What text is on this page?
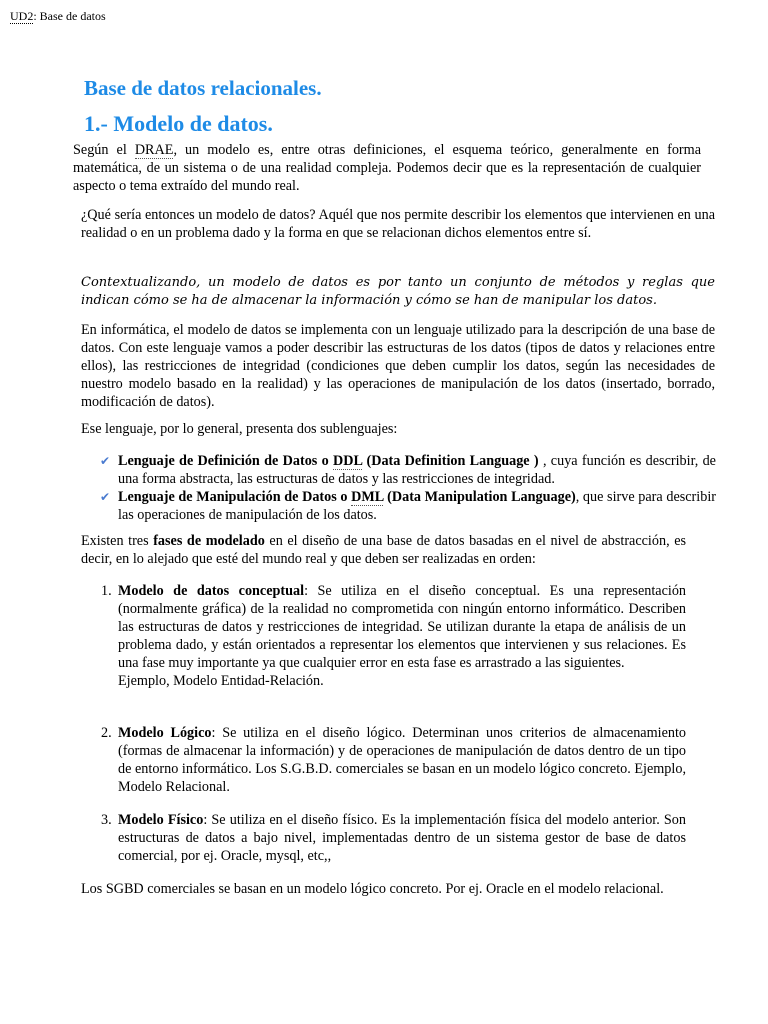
UD2: Base de datos
Base de datos relacionales.
1.- Modelo de datos.

Según el DRAE, un modelo es, entre otras definiciones, el esquema teórico, generalmente en forma matemática, de un sistema o de una realidad compleja. Podemos decir que es la representación de cualquier aspecto o tema extraído del mundo real.

¿Qué sería entonces un modelo de datos? Aquél que nos permite describir los elementos que intervienen en una realidad o en un problema dado y la forma en que se relacionan dichos elementos entre sí.

Contextualizando, un modelo de datos es por tanto un conjunto de métodos y reglas que indican cómo se ha de almacenar la información y cómo se han de manipular los datos.

En informática, el modelo de datos se implementa con un lenguaje utilizado para la descripción de una base de datos. Con este lenguaje vamos a poder describir las estructuras de los datos (tipos de datos y relaciones entre ellos), las restricciones de integridad (condiciones que deben cumplir los datos, según las necesidades de nuestro modelo basado en la realidad) y las operaciones de manipulación de los datos (insertado, borrado, modificación de datos).

Ese lenguaje, por lo general, presenta dos sublenguajes:

✔ Lenguaje de Definición de Datos o DDL (Data Definition Language ) , cuya función es describir, de una forma abstracta, las estructuras de datos y las restricciones de integridad.
✔ Lenguaje de Manipulación de Datos o DML (Data Manipulation Language), que sirve para describir las operaciones de manipulación de los datos.

Existen tres fases de modelado en el diseño de una base de datos basadas en el nivel de abstracción, es decir, en lo alejado que esté del mundo real y que deben ser realizadas en orden:

1. Modelo de datos conceptual: Se utiliza en el diseño conceptual. Es una representación (normalmente gráfica) de la realidad no comprometida con ningún entorno informático. Describen las estructuras de datos y restricciones de integridad. Se utilizan durante la etapa de análisis de un problema dado, y están orientados a representar los elementos que intervienen y sus relaciones. Es una fase muy importante ya que cualquier error en esta fase es arrastrado a las siguientes.
Ejemplo, Modelo Entidad-Relación.
2. Modelo Lógico: Se utiliza en el diseño lógico. Determinan unos criterios de almacenamiento (formas de almacenar la información) y de operaciones de manipulación de datos dentro de un tipo de entorno informático. Los S.G.B.D. comerciales se basan en un modelo lógico concreto. Ejemplo, Modelo Relacional.
3. Modelo Físico: Se utiliza en el diseño físico. Es la implementación física del modelo anterior. Son estructuras de datos a bajo nivel, implementadas dentro de un sistema gestor de base de datos comercial, por ej. Oracle, mysql, etc,,

Los SGBD comerciales se basan en un modelo lógico concreto. Por ej. Oracle en el modelo relacional.
